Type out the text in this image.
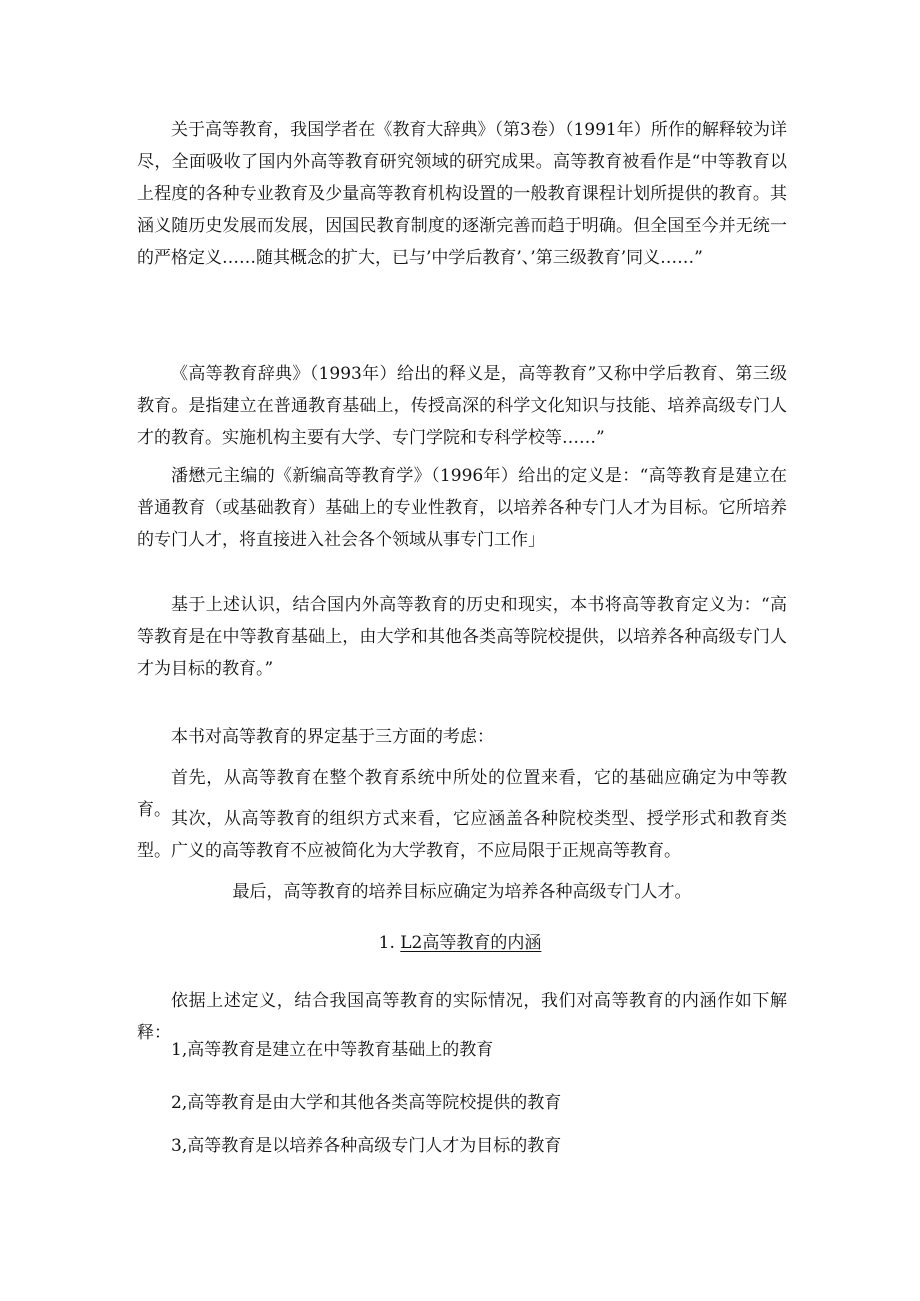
关于高等教育，我国学者在《教育大辞典》（第3卷）（1991年）所作的解释较为详尽，全面吸收了国内外高等教育研究领域的研究成果。高等教育被看作是“中等教育以上程度的各种专业教育及少量高等教育机构设置的一般教育课程计划所提供的教育。其涵义随历史发展而发展，因国民教育制度的逐渐完善而趋于明确。但全国至今并无统一的严格定义……随其概念的扩大，已与’中学后教育’、’第三级教育’同义……”

《高等教育辞典》（1993年）给出的释义是，高等教育”又称中学后教育、第三级教育。是指建立在普通教育基础上，传授高深的科学文化知识与技能、培养高级专门人才的教育。实施机构主要有大学、专门学院和专科学校等……”

潘懋元主编的《新编高等教育学》（1996年）给出的定义是：“高等教育是建立在普通教育（或基础教育）基础上的专业性教育，以培养各种专门人才为目标。它所培养的专门人才，将直接进入社会各个领域从事专门工作」

基于上述认识，结合国内外高等教育的历史和现实，本书将高等教育定义为：“高等教育是在中等教育基础上，由大学和其他各类高等院校提供，以培养各种高级专门人才为目标的教育。”

本书对高等教育的界定基于三方面的考虑：

首先，从高等教育在整个教育系统中所处的位置来看，它的基础应确定为中等教育。 其次，从高等教育的组织方式来看，它应涵盖各种院校类型、授学形式和教育类型。广义的高等教育不应被简化为大学教育，不应局限于正规高等教育。

最后，高等教育的培养目标应确定为培养各种高级专门人才。

1. L2高等教育的内涵

依据上述定义，结合我国高等教育的实际情况，我们对高等教育的内涵作如下解释：

1,高等教育是建立在中等教育基础上的教育

2,高等教育是由大学和其他各类高等院校提供的教育

3,高等教育是以培养各种高级专门人才为目标的教育
